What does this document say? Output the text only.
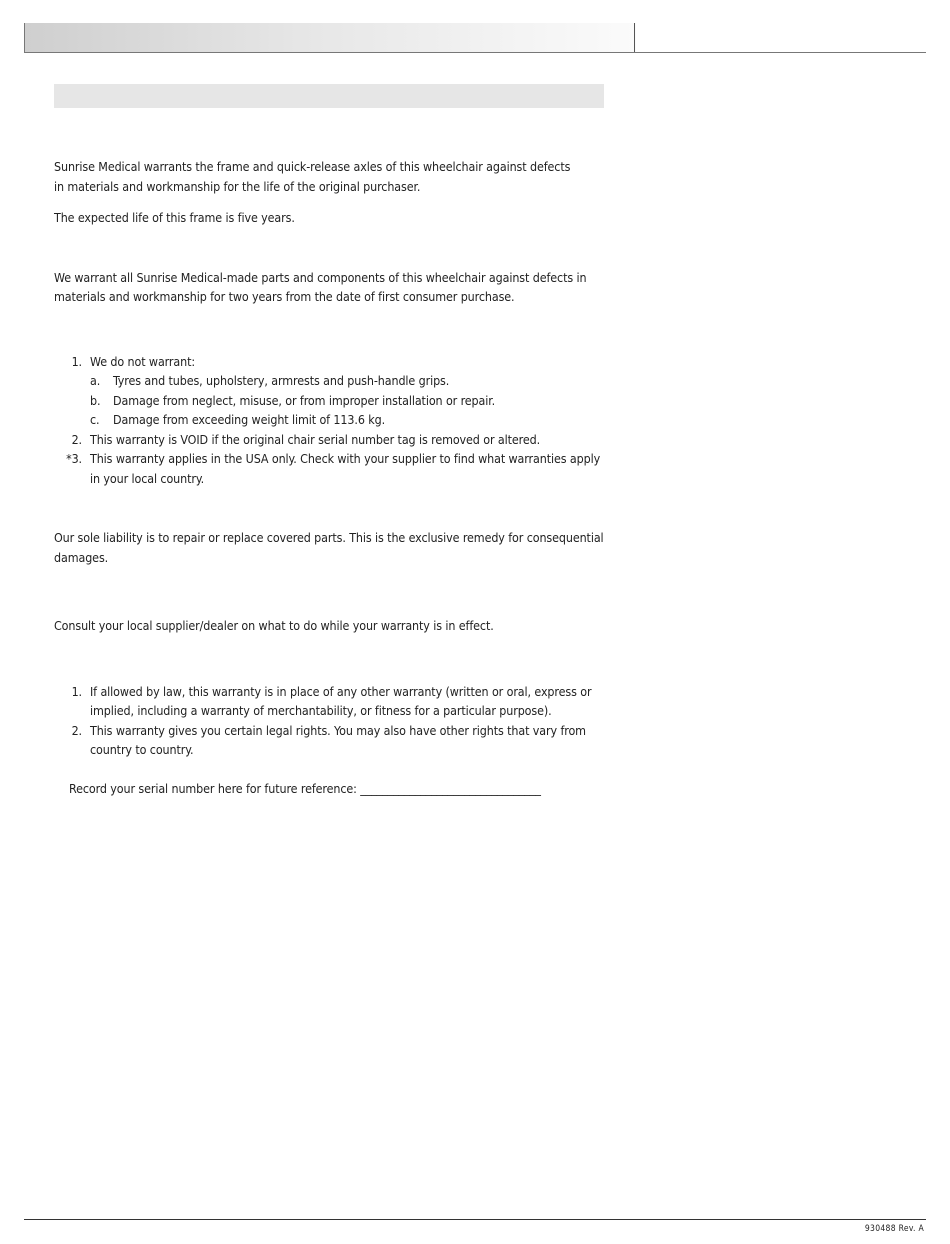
Sunrise Medical warrants the frame and quick-release axles of this wheelchair against defects in materials and workmanship for the life of the original purchaser.

The expected life of this frame is five years.

We warrant all Sunrise Medical-made parts and components of this wheelchair against defects in materials and workmanship for two years from the date of first consumer purchase.

1. We do not warrant:
a. Tyres and tubes, upholstery, armrests and push-handle grips.
b. Damage from neglect, misuse, or from improper installation or repair.
c. Damage from exceeding weight limit of 113.6 kg.
2. This warranty is VOID if the original chair serial number tag is removed or altered.
*3. This warranty applies in the USA only. Check with your supplier to find what warranties apply in your local country.

Our sole liability is to repair or replace covered parts. This is the exclusive remedy for consequential damages.

Consult your local supplier/dealer on what to do while your warranty is in effect.

1. If allowed by law, this warranty is in place of any other warranty (written or oral, express or implied, including a warranty of merchantability, or fitness for a particular purpose).
2. This warranty gives you certain legal rights. You may also have other rights that vary from country to country.

Record your serial number here for future reference: _________________________________

930488 Rev. A
